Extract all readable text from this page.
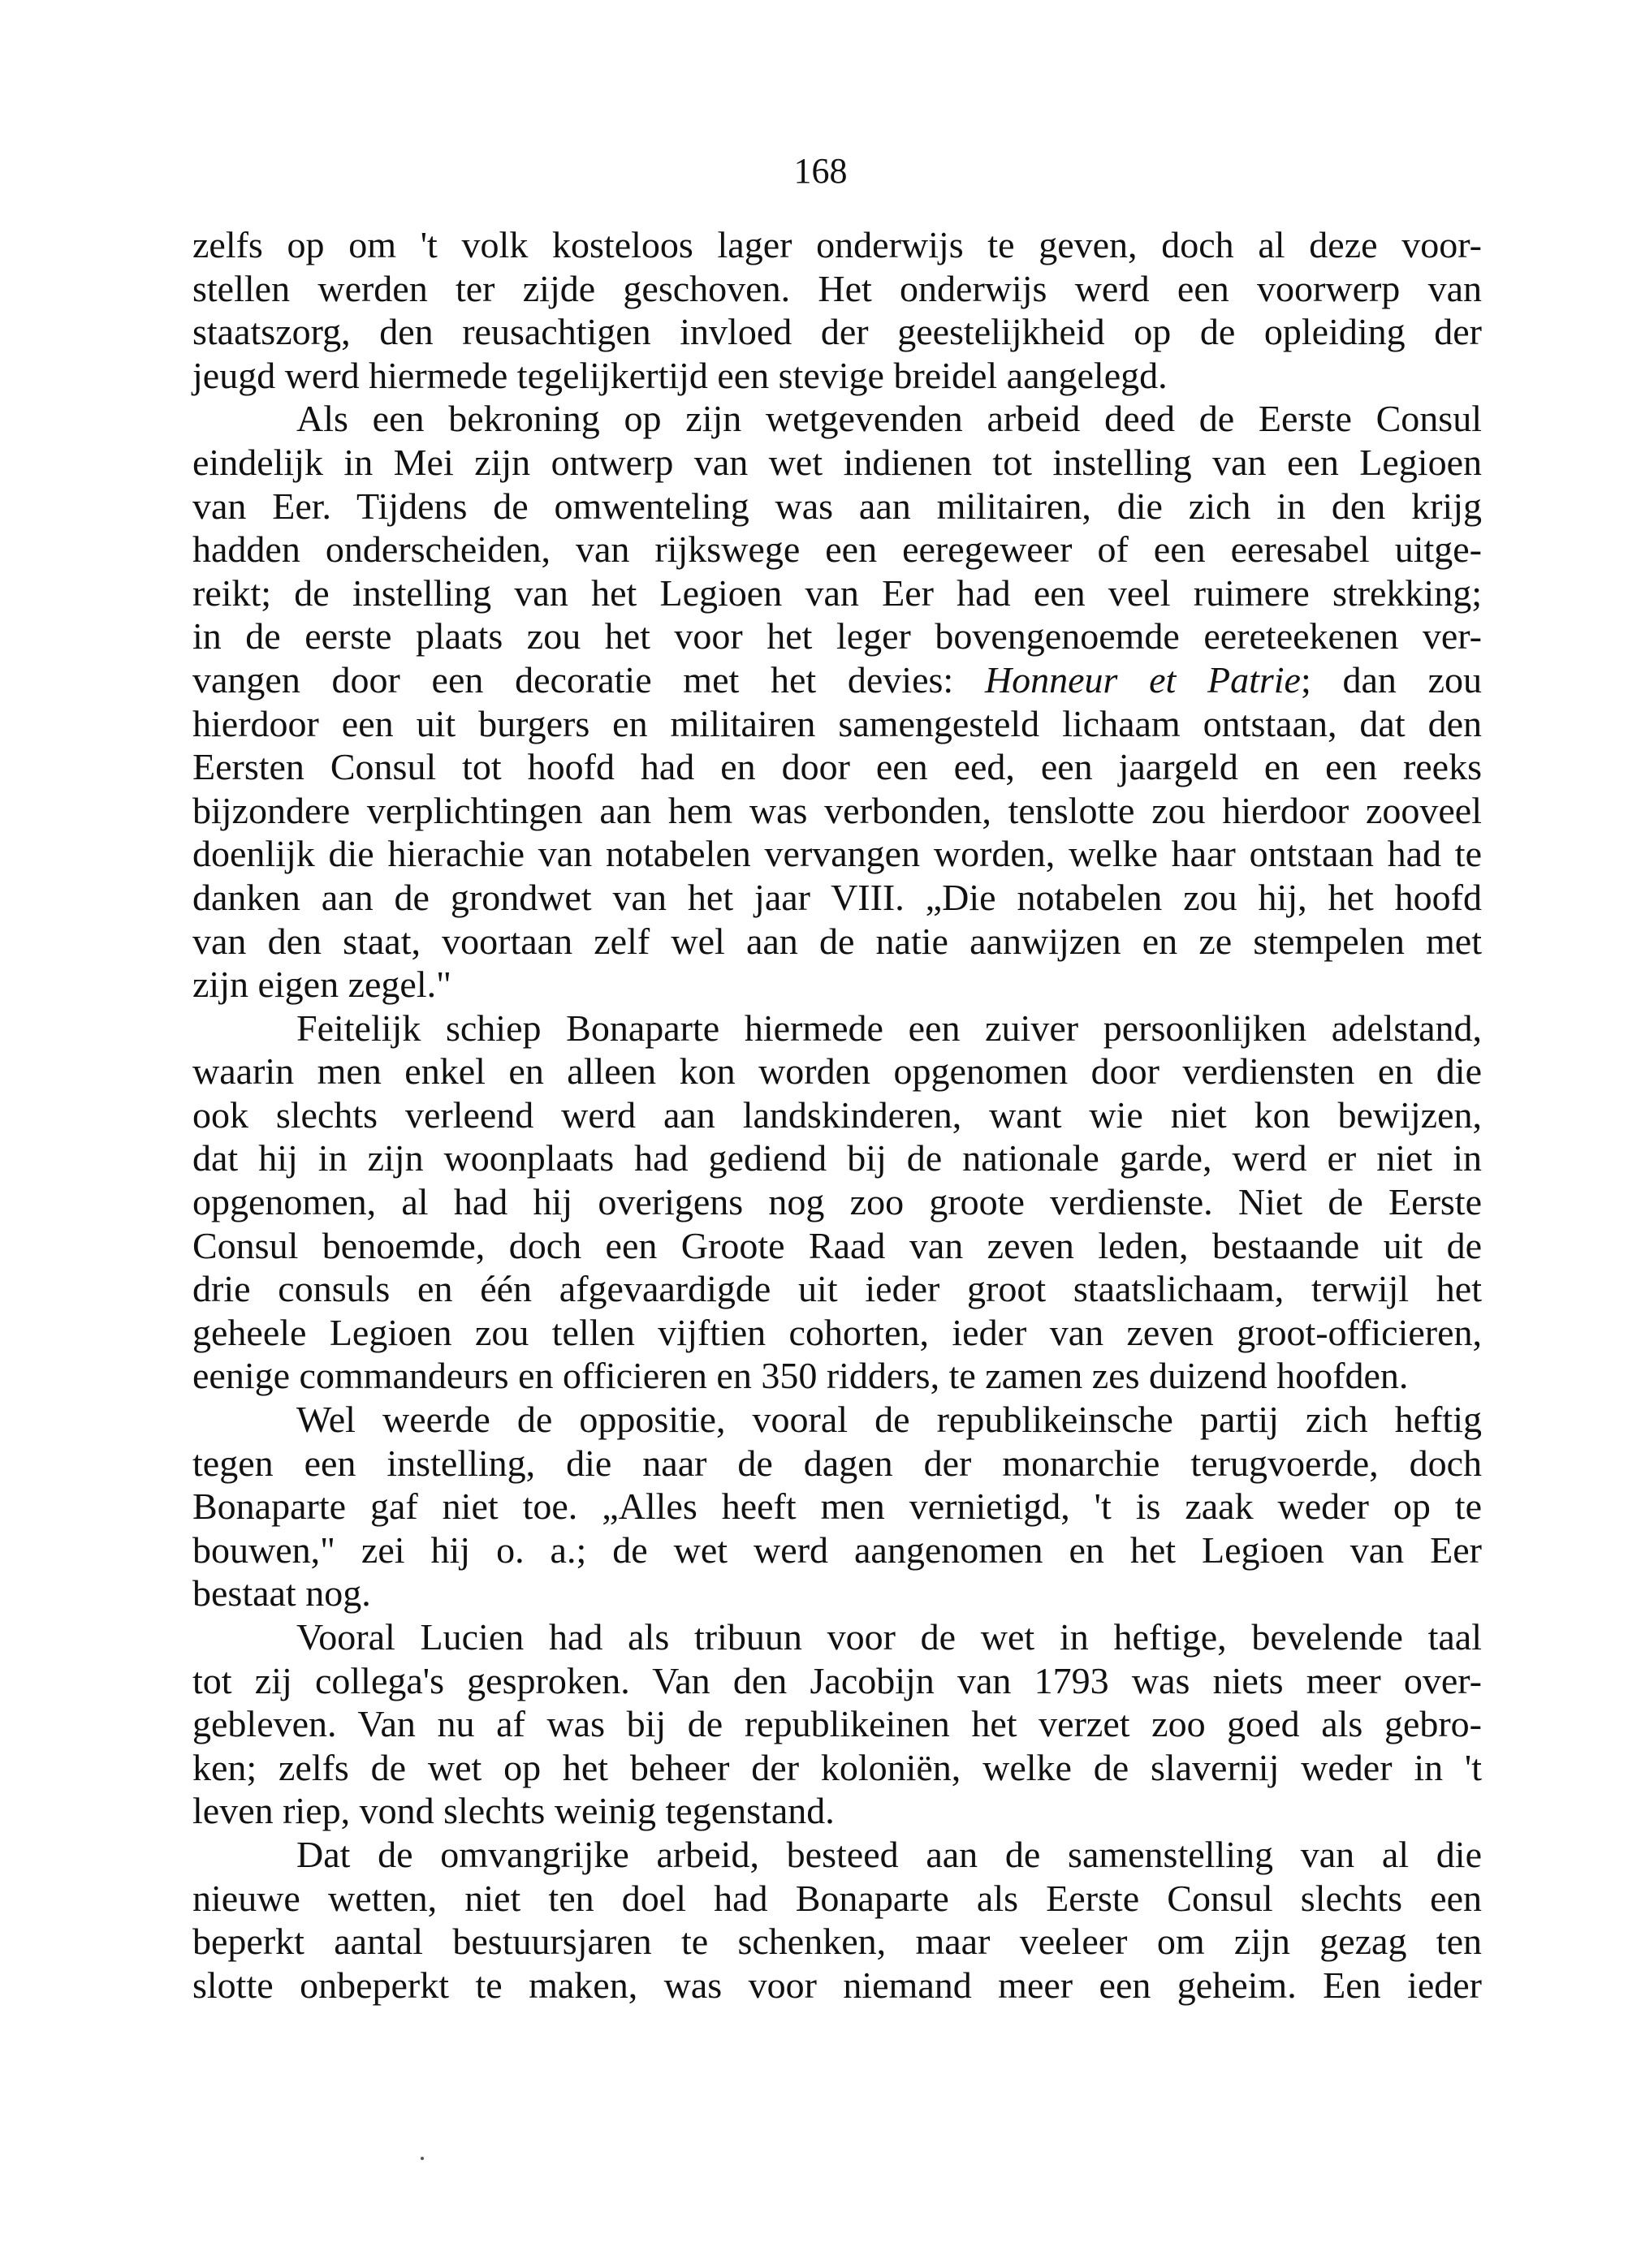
168
zelfs op om 't volk kosteloos lager onderwijs te geven, doch al deze voor-
stellen werden ter zijde geschoven. Het onderwijs werd een voorwerp van
staatszorg, den reusachtigen invloed der geestelijkheid op de opleiding der
jeugd werd hiermede tegelijkertijd een stevige breidel aangelegd.
Als een bekroning op zijn wetgevenden arbeid deed de Eerste Consul
eindelijk in Mei zijn ontwerp van wet indienen tot instelling van een Legioen
van Eer. Tijdens de omwenteling was aan militairen, die zich in den krijg
hadden onderscheiden, van rijkswege een eeregeweer of een eeresabel uitge-
reikt; de instelling van het Legioen van Eer had een veel ruimere strekking;
in de eerste plaats zou het voor het leger bovengenoemde eereteekenen ver-
vangen door een decoratie met het devies: Honneur et Patrie; dan zou
hierdoor een uit burgers en militairen samengesteld lichaam ontstaan, dat den
Eersten Consul tot hoofd had en door een eed, een jaargeld en een reeks
bijzondere verplichtingen aan hem was verbonden, tenslotte zou hierdoor zooveel
doenlijk die hierachie van notabelen vervangen worden, welke haar ontstaan had te
danken aan de grondwet van het jaar VIII. „Die notabelen zou hij, het hoofd
van den staat, voortaan zelf wel aan de natie aanwijzen en ze stempelen met
zijn eigen zegel."
Feitelijk schiep Bonaparte hiermede een zuiver persoonlijken adelstand,
waarin men enkel en alleen kon worden opgenomen door verdiensten en die
ook slechts verleend werd aan landskinderen, want wie niet kon bewijzen,
dat hij in zijn woonplaats had gediend bij de nationale garde, werd er niet in
opgenomen, al had hij overigens nog zoo groote verdienste. Niet de Eerste
Consul benoemde, doch een Groote Raad van zeven leden, bestaande uit de
drie consuls en één afgevaardigde uit ieder groot staatslichaam, terwijl het
geheele Legioen zou tellen vijftien cohorten, ieder van zeven groot-officieren,
eenige commandeurs en officieren en 350 ridders, te zamen zes duizend hoofden.
Wel weerde de oppositie, vooral de republikeinsche partij zich heftig
tegen een instelling, die naar de dagen der monarchie terugvoerde, doch
Bonaparte gaf niet toe. „Alles heeft men vernietigd, 't is zaak weder op te
bouwen," zei hij o. a.; de wet werd aangenomen en het Legioen van Eer
bestaat nog.
Vooral Lucien had als tribuun voor de wet in heftige, bevelende taal
tot zij collega's gesproken. Van den Jacobijn van 1793 was niets meer over-
gebleven. Van nu af was bij de republikeinen het verzet zoo goed als gebro-
ken; zelfs de wet op het beheer der koloniën, welke de slavernij weder in 't
leven riep, vond slechts weinig tegenstand.
Dat de omvangrijke arbeid, besteed aan de samenstelling van al die
nieuwe wetten, niet ten doel had Bonaparte als Eerste Consul slechts een
beperkt aantal bestuursjaren te schenken, maar veeleer om zijn gezag ten
slotte onbeperkt te maken, was voor niemand meer een geheim. Een ieder
